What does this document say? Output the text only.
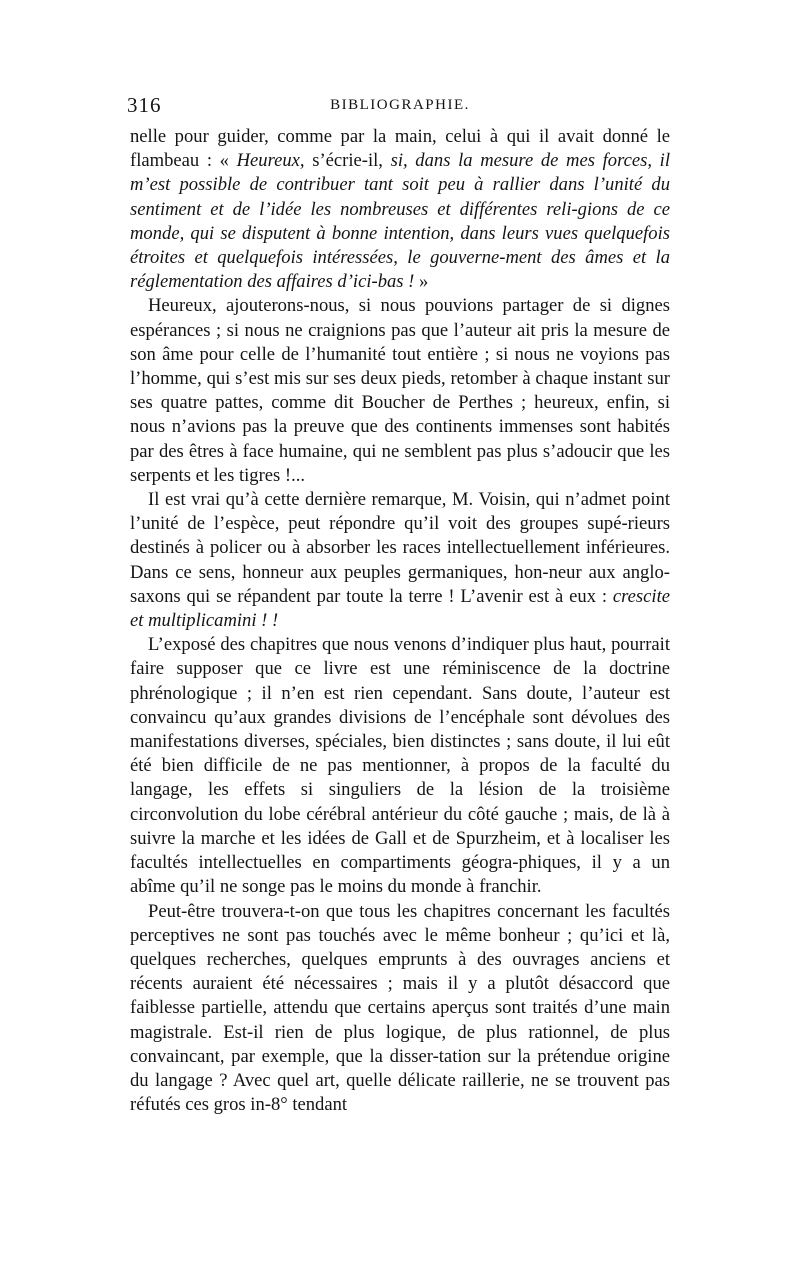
316	BIBLIOGRAPHIE.

nelle pour guider, comme par la main, celui à qui il avait donné le flambeau : « Heureux, s’écrie-il, si, dans la mesure de mes forces, il m’est possible de contribuer tant soit peu à rallier dans l’unité du sentiment et de l’idée les nombreuses et différentes reli-gions de ce monde, qui se disputent à bonne intention, dans leurs vues quelquefois étroites et quelquefois intéressées, le gouverne-ment des âmes et la réglementation des affaires d’ici-bas ! »

Heureux, ajouterons-nous, si nous pouvions partager de si dignes espérances ; si nous ne craignions pas que l’auteur ait pris la mesure de son âme pour celle de l’humanité tout entière ; si nous ne voyions pas l’homme, qui s’est mis sur ses deux pieds, retomber à chaque instant sur ses quatre pattes, comme dit Boucher de Perthes ; heureux, enfin, si nous n’avions pas la preuve que des continents immenses sont habités par des êtres à face humaine, qui ne semblent pas plus s’adoucir que les serpents et les tigres !...

Il est vrai qu’à cette dernière remarque, M. Voisin, qui n’admet point l’unité de l’espèce, peut répondre qu’il voit des groupes supé-rieurs destinés à policer ou à absorber les races intellectuellement inférieures. Dans ce sens, honneur aux peuples germaniques, hon-neur aux anglo-saxons qui se répandent par toute la terre ! L’avenir est à eux : crescite et multiplicamini ! !

L’exposé des chapitres que nous venons d’indiquer plus haut, pourrait faire supposer que ce livre est une réminiscence de la doctrine phrénologique ; il n’en est rien cependant. Sans doute, l’auteur est convaincu qu’aux grandes divisions de l’encéphale sont dévolues des manifestations diverses, spéciales, bien distinctes ; sans doute, il lui eût été bien difficile de ne pas mentionner, à propos de la faculté du langage, les effets si singuliers de la lésion de la troisième circonvolution du lobe cérébral antérieur du côté gauche ; mais, de là à suivre la marche et les idées de Gall et de Spurzheim, et à localiser les facultés intellectuelles en compartiments géogra-phiques, il y a un abîme qu’il ne songe pas le moins du monde à franchir.

Peut-être trouvera-t-on que tous les chapitres concernant les facultés perceptives ne sont pas touchés avec le même bonheur ; qu’ici et là, quelques recherches, quelques emprunts à des ouvrages anciens et récents auraient été nécessaires ; mais il y a plutôt désaccord que faiblesse partielle, attendu que certains aperçus sont traités d’une main magistrale. Est-il rien de plus logique, de plus rationnel, de plus convaincant, par exemple, que la disser-tation sur la prétendue origine du langage ? Avec quel art, quelle délicate raillerie, ne se trouvent pas réfutés ces gros in-8° tendant
